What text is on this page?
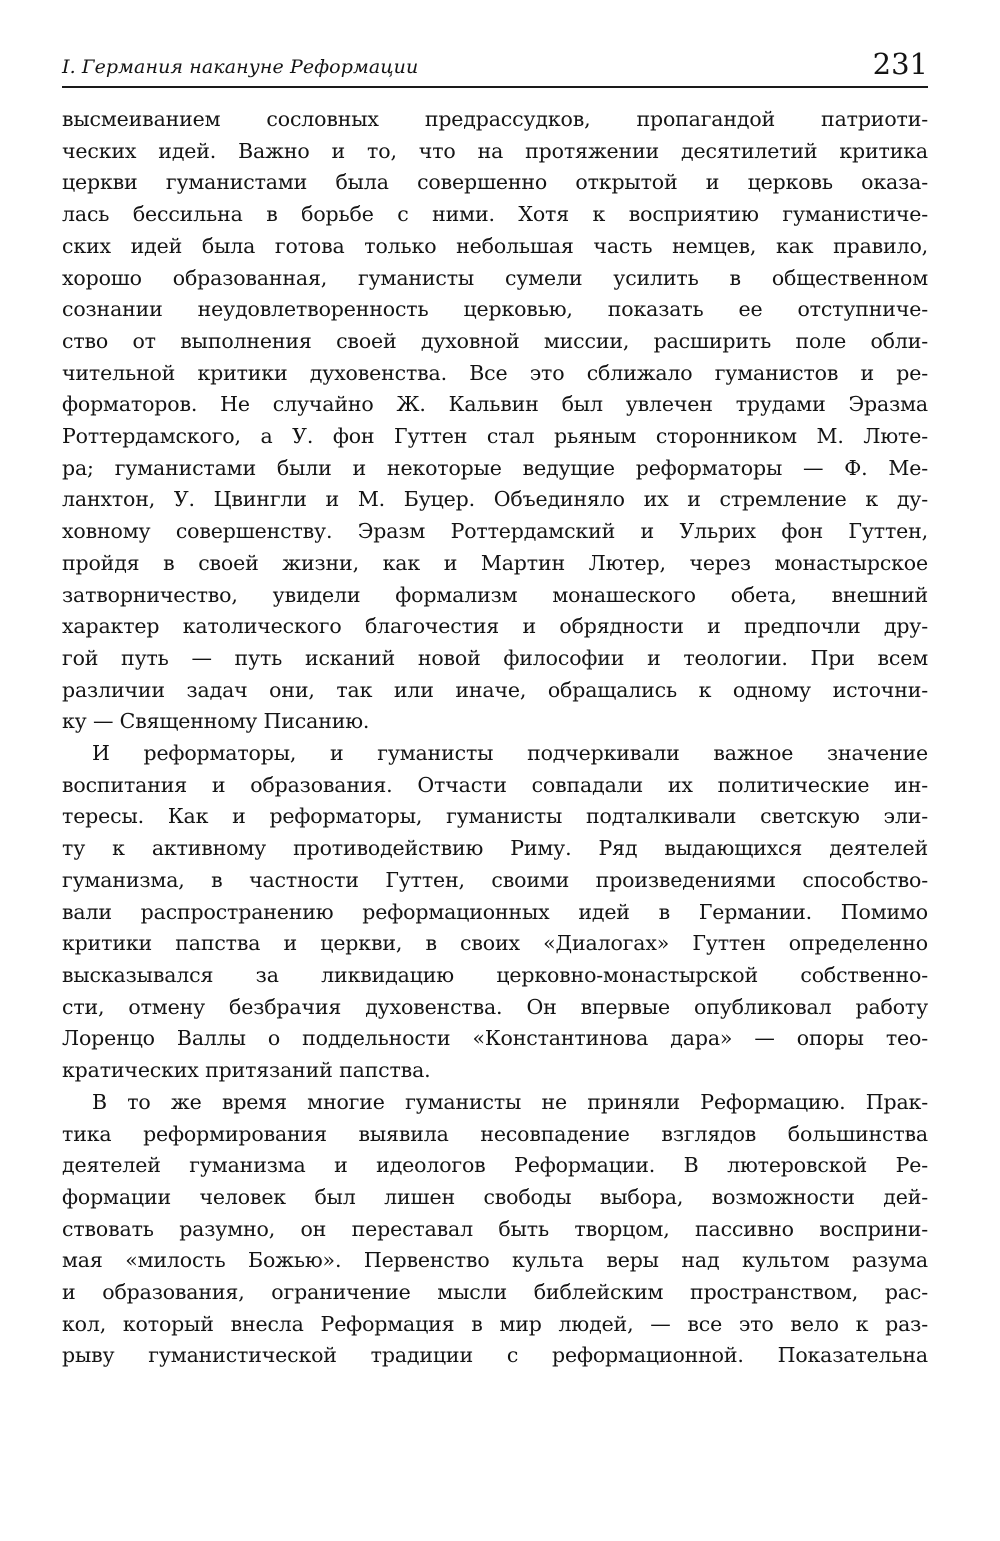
I. Германия накануне Реформации	231
высмеиванием сословных предрассудков, пропагандой патриоти-
ческих идей. Важно и то, что на протяжении десятилетий критика
церкви гуманистами была совершенно открытой и церковь оказа-
лась бессильна в борьбе с ними. Хотя к восприятию гуманистиче-
ских идей была готова только небольшая часть немцев, как правило,
хорошо образованная, гуманисты сумели усилить в общественном
сознании неудовлетворенность церковью, показать ее отступниче-
ство от выполнения своей духовной миссии, расширить поле обли-
чительной критики духовенства. Все это сближало гуманистов и ре-
форматоров. Не случайно Ж. Кальвин был увлечен трудами Эразма
Роттердамского, а У. фон Гуттен стал рьяным сторонником М. Люте-
ра; гуманистами были и некоторые ведущие реформаторы — Ф. Ме-
ланхтон, У. Цвингли и М. Буцер. Объединяло их и стремление к ду-
ховному совершенству. Эразм Роттердамский и Ульрих фон Гуттен,
пройдя в своей жизни, как и Мартин Лютер, через монастырское
затворничество, увидели формализм монашеского обета, внешний
характер католического благочестия и обрядности и предпочли дру-
гой путь — путь исканий новой философии и теологии. При всем
различии задач они, так или иначе, обращались к одному источни-
ку — Священному Писанию.
И реформаторы, и гуманисты подчеркивали важное значение
воспитания и образования. Отчасти совпадали их политические ин-
тересы. Как и реформаторы, гуманисты подталкивали светскую эли-
ту к активному противодействию Риму. Ряд выдающихся деятелей
гуманизма, в частности Гуттен, своими произведениями способство-
вали распространению реформационных идей в Германии. Помимо
критики папства и церкви, в своих «Диалогах» Гуттен определенно
высказывался за ликвидацию церковно-монастырской собственно-
сти, отмену безбрачия духовенства. Он впервые опубликовал работу
Лоренцо Валлы о поддельности «Константинова дара» — опоры тео-
кратических притязаний папства.
В то же время многие гуманисты не приняли Реформацию. Прак-
тика реформирования выявила несовпадение взглядов большинства
деятелей гуманизма и идеологов Реформации. В лютеровской Ре-
формации человек был лишен свободы выбора, возможности дей-
ствовать разумно, он переставал быть творцом, пассивно восприни-
мая «милость Божью». Первенство культа веры над культом разума
и образования, ограничение мысли библейским пространством, рас-
кол, который внесла Реформация в мир людей, — все это вело к раз-
рыву гуманистической традиции с реформационной. Показательна
